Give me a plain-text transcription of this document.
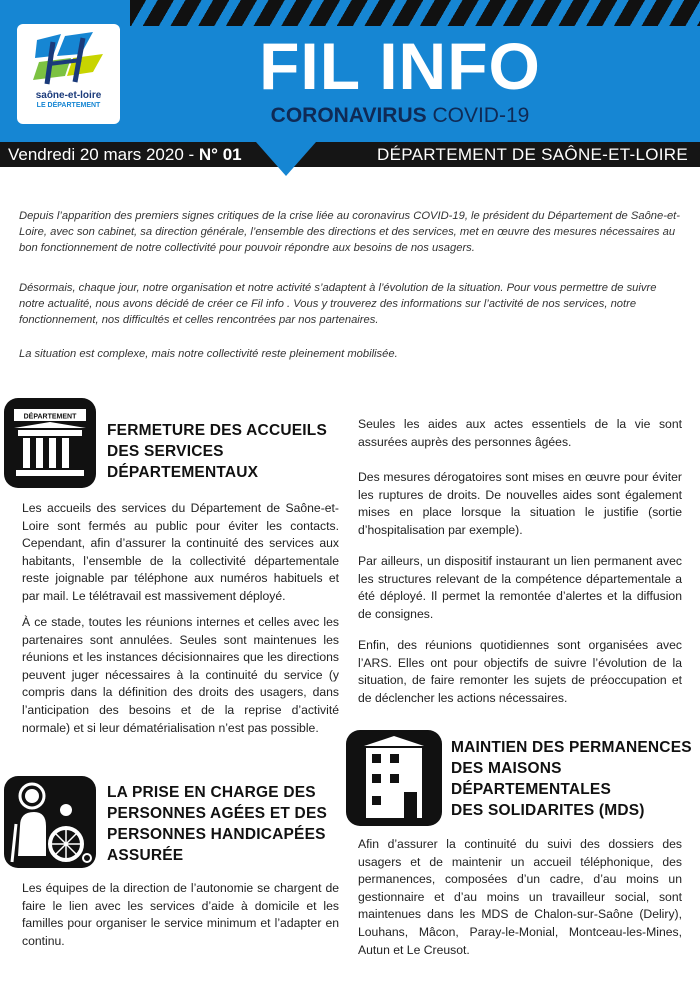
saône-et-loire
LE DÉPARTEMENT
FIL INFO
CORONAVIRUS COVID-19
Vendredi 20 mars 2020 - N° 01	DÉPARTEMENT DE SAÔNE-ET-LOIRE

Depuis l’apparition des premiers signes critiques de la crise liée au coronavirus COVID-19, le président du Département de Saône-et-Loire, avec son cabinet, sa direction générale, l’ensemble des directions et des services, met en œuvre des mesures nécessaires au bon fonctionnement de notre collectivité pour pouvoir répondre aux besoins de nos usagers.

Désormais, chaque jour, notre organisation et notre activité s’adaptent à l’évolution de la situation. Pour vous permettre de suivre notre actualité, nous avons décidé de créer ce Fil info . Vous y trouverez des informations sur l’activité de nos services, notre fonctionnement, nos difficultés et celles rencontrées par nos partenaires.

La situation est complexe, mais notre collectivité reste pleinement mobilisée.

DÉPARTEMENT
FERMETURE DES ACCUEILS
DES SERVICES
DÉPARTEMENTAUX

Les accueils des services du Département de Saône-et-Loire sont fermés au public pour éviter les contacts. Cependant, afin d’assurer la continuité des services aux habitants, l’ensemble de la collectivité départementale reste joignable par téléphone aux numéros habituels et par mail. Le télétravail est massivement déployé.

À ce stade, toutes les réunions internes et celles avec les partenaires sont annulées. Seules sont maintenues les réunions et les instances décisionnaires que les directions peuvent juger nécessaires à la continuité du service (y compris dans la définition des droits des usagers, dans l’anticipation des besoins et de la reprise d’activité normale) et si leur dématérialisation n’est pas possible.

LA PRISE EN CHARGE DES
PERSONNES AGÉES ET DES
PERSONNES HANDICAPÉES
ASSURÉE

Les équipes de la direction de l’autonomie se chargent de faire le lien avec les services d’aide à domicile et les familles pour organiser le service minimum et l’adapter en continu.

Seules les aides aux actes essentiels de la vie sont assurées auprès des personnes âgées.

Des mesures dérogatoires sont mises en œuvre pour éviter les ruptures de droits. De nouvelles aides sont également mises en place lorsque la situation le justifie (sortie d’hospitalisation par exemple).

Par ailleurs, un dispositif instaurant un lien permanent avec les structures relevant de la compétence départementale a été déployé. Il permet la remontée d’alertes et la diffusion de consignes.

Enfin, des réunions quotidiennes sont organisées avec l’ARS. Elles ont pour objectifs de suivre l’évolution de la situation, de faire remonter les sujets de préoccupation et de déclencher les actions nécessaires.

MAINTIEN DES PERMANENCES
DES MAISONS
DÉPARTEMENTALES
DES SOLIDARITES (MDS)

Afin d’assurer la continuité du suivi des dossiers des usagers et de maintenir un accueil téléphonique, des permanences, composées d’un cadre, d’au moins un gestionnaire et d’au moins un travailleur social, sont maintenues dans les MDS de Chalon-sur-Saône (Deliry), Louhans, Mâcon, Paray-le-Monial, Montceau-les-Mines, Autun et Le Creusot.
